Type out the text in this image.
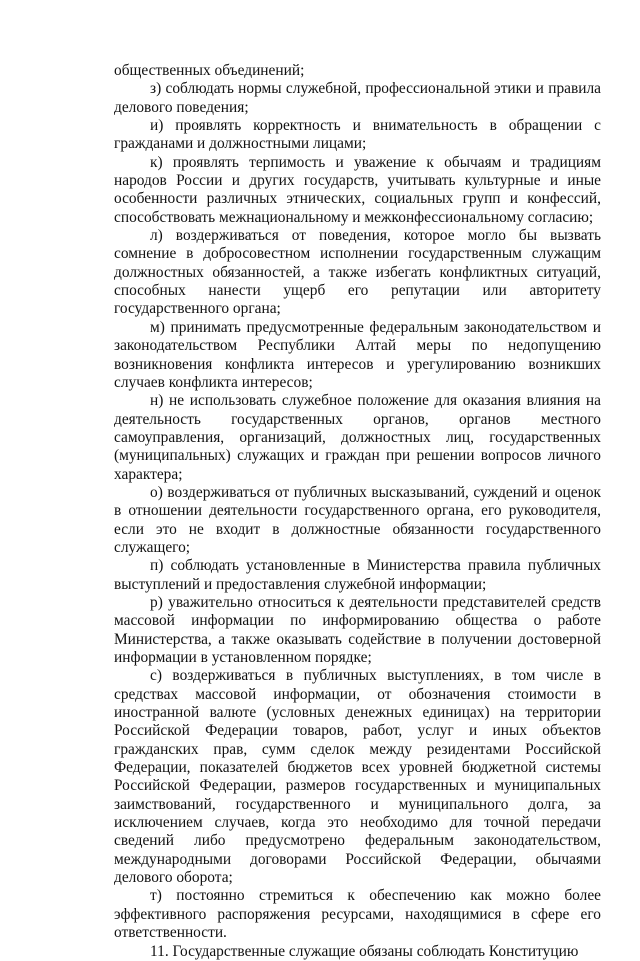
общественных объединений;

з) соблюдать нормы служебной, профессиональной этики и правила делового поведения;

и) проявлять корректность и внимательность в обращении с гражданами и должностными лицами;

к) проявлять терпимость и уважение к обычаям и традициям народов России и других государств, учитывать культурные и иные особенности различных этнических, социальных групп и конфессий, способствовать межнациональному и межконфессиональному согласию;

л) воздерживаться от поведения, которое могло бы вызвать сомнение в добросовестном исполнении государственным служащим должностных обязанностей, а также избегать конфликтных ситуаций, способных нанести ущерб его репутации или авторитету государственного органа;

м) принимать предусмотренные федеральным законодательством и законодательством Республики Алтай меры по недопущению возникновения конфликта интересов и урегулированию возникших случаев конфликта интересов;

н) не использовать служебное положение для оказания влияния на деятельность государственных органов, органов местного самоуправления, организаций, должностных лиц, государственных (муниципальных) служащих и граждан при решении вопросов личного характера;

о) воздерживаться от публичных высказываний, суждений и оценок в отношении деятельности государственного органа, его руководителя, если это не входит в должностные обязанности государственного служащего;

п) соблюдать установленные в Министерства правила публичных выступлений и предоставления служебной информации;

р) уважительно относиться к деятельности представителей средств массовой информации по информированию общества о работе Министерства, а также оказывать содействие в получении достоверной информации в установленном порядке;

с) воздерживаться в публичных выступлениях, в том числе в средствах массовой информации, от обозначения стоимости в иностранной валюте (условных денежных единицах) на территории Российской Федерации товаров, работ, услуг и иных объектов гражданских прав, сумм сделок между резидентами Российской Федерации, показателей бюджетов всех уровней бюджетной системы Российской Федерации, размеров государственных и муниципальных заимствований, государственного и муниципального долга, за исключением случаев, когда это необходимо для точной передачи сведений либо предусмотрено федеральным законодательством, международными договорами Российской Федерации, обычаями делового оборота;

т) постоянно стремиться к обеспечению как можно более эффективного распоряжения ресурсами, находящимися в сфере его ответственности.

11. Государственные служащие обязаны соблюдать Конституцию
